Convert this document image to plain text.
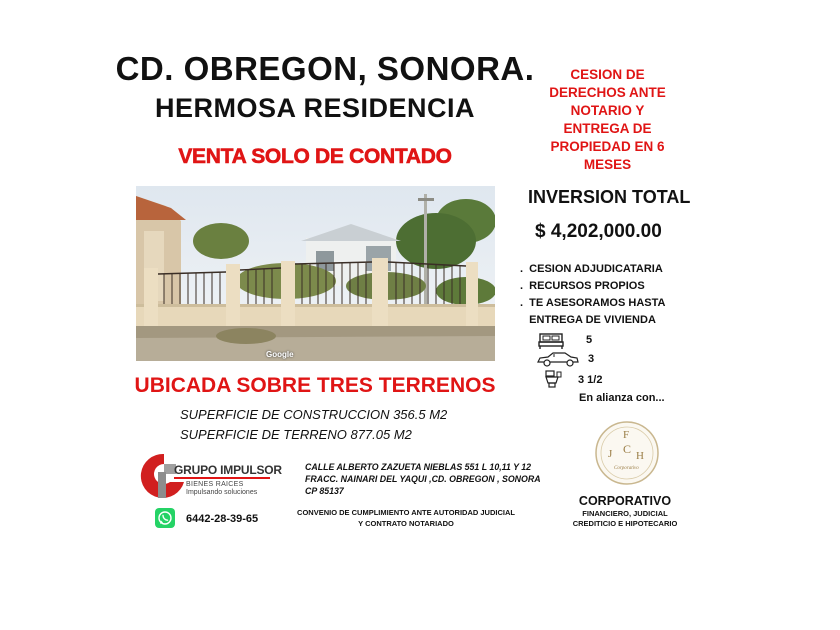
CD. OBREGON, SONORA.
HERMOSA RESIDENCIA
VENTA SOLO DE CONTADO
CESION DE
DERECHOS ANTE
NOTARIO Y
ENTREGA DE
PROPIEDAD EN 6
MESES
INVERSION TOTAL
$ 4,202,000.00
.  CESION ADJUDICATARIA
.  RECURSOS PROPIOS
.  TE ASESORAMOS HASTA
ENTREGA DE VIVIENDA
5
3
3 1/2
En alianza con...
Google
UBICADA SOBRE TRES TERRENOS
SUPERFICIE DE CONSTRUCCION 356.5 M2
SUPERFICIE DE TERRENO 877.05 M2
GRUPO IMPULSOR
BIENES RAICES
Impulsando soluciones
6442-28-39-65
CALLE ALBERTO ZAZUETA NIEBLAS 551 L 10,11 Y 12
FRACC. NAINARI DEL YAQUI ,CD. OBREGON , SONORA
CP 85137
CONVENIO DE CUMPLIMIENTO ANTE AUTORIDAD JUDICIAL
Y CONTRATO NOTARIADO
F
J C H
Corporativo
CORPORATIVO
FINANCIERO, JUDICIAL
CREDITICIO E HIPOTECARIO
